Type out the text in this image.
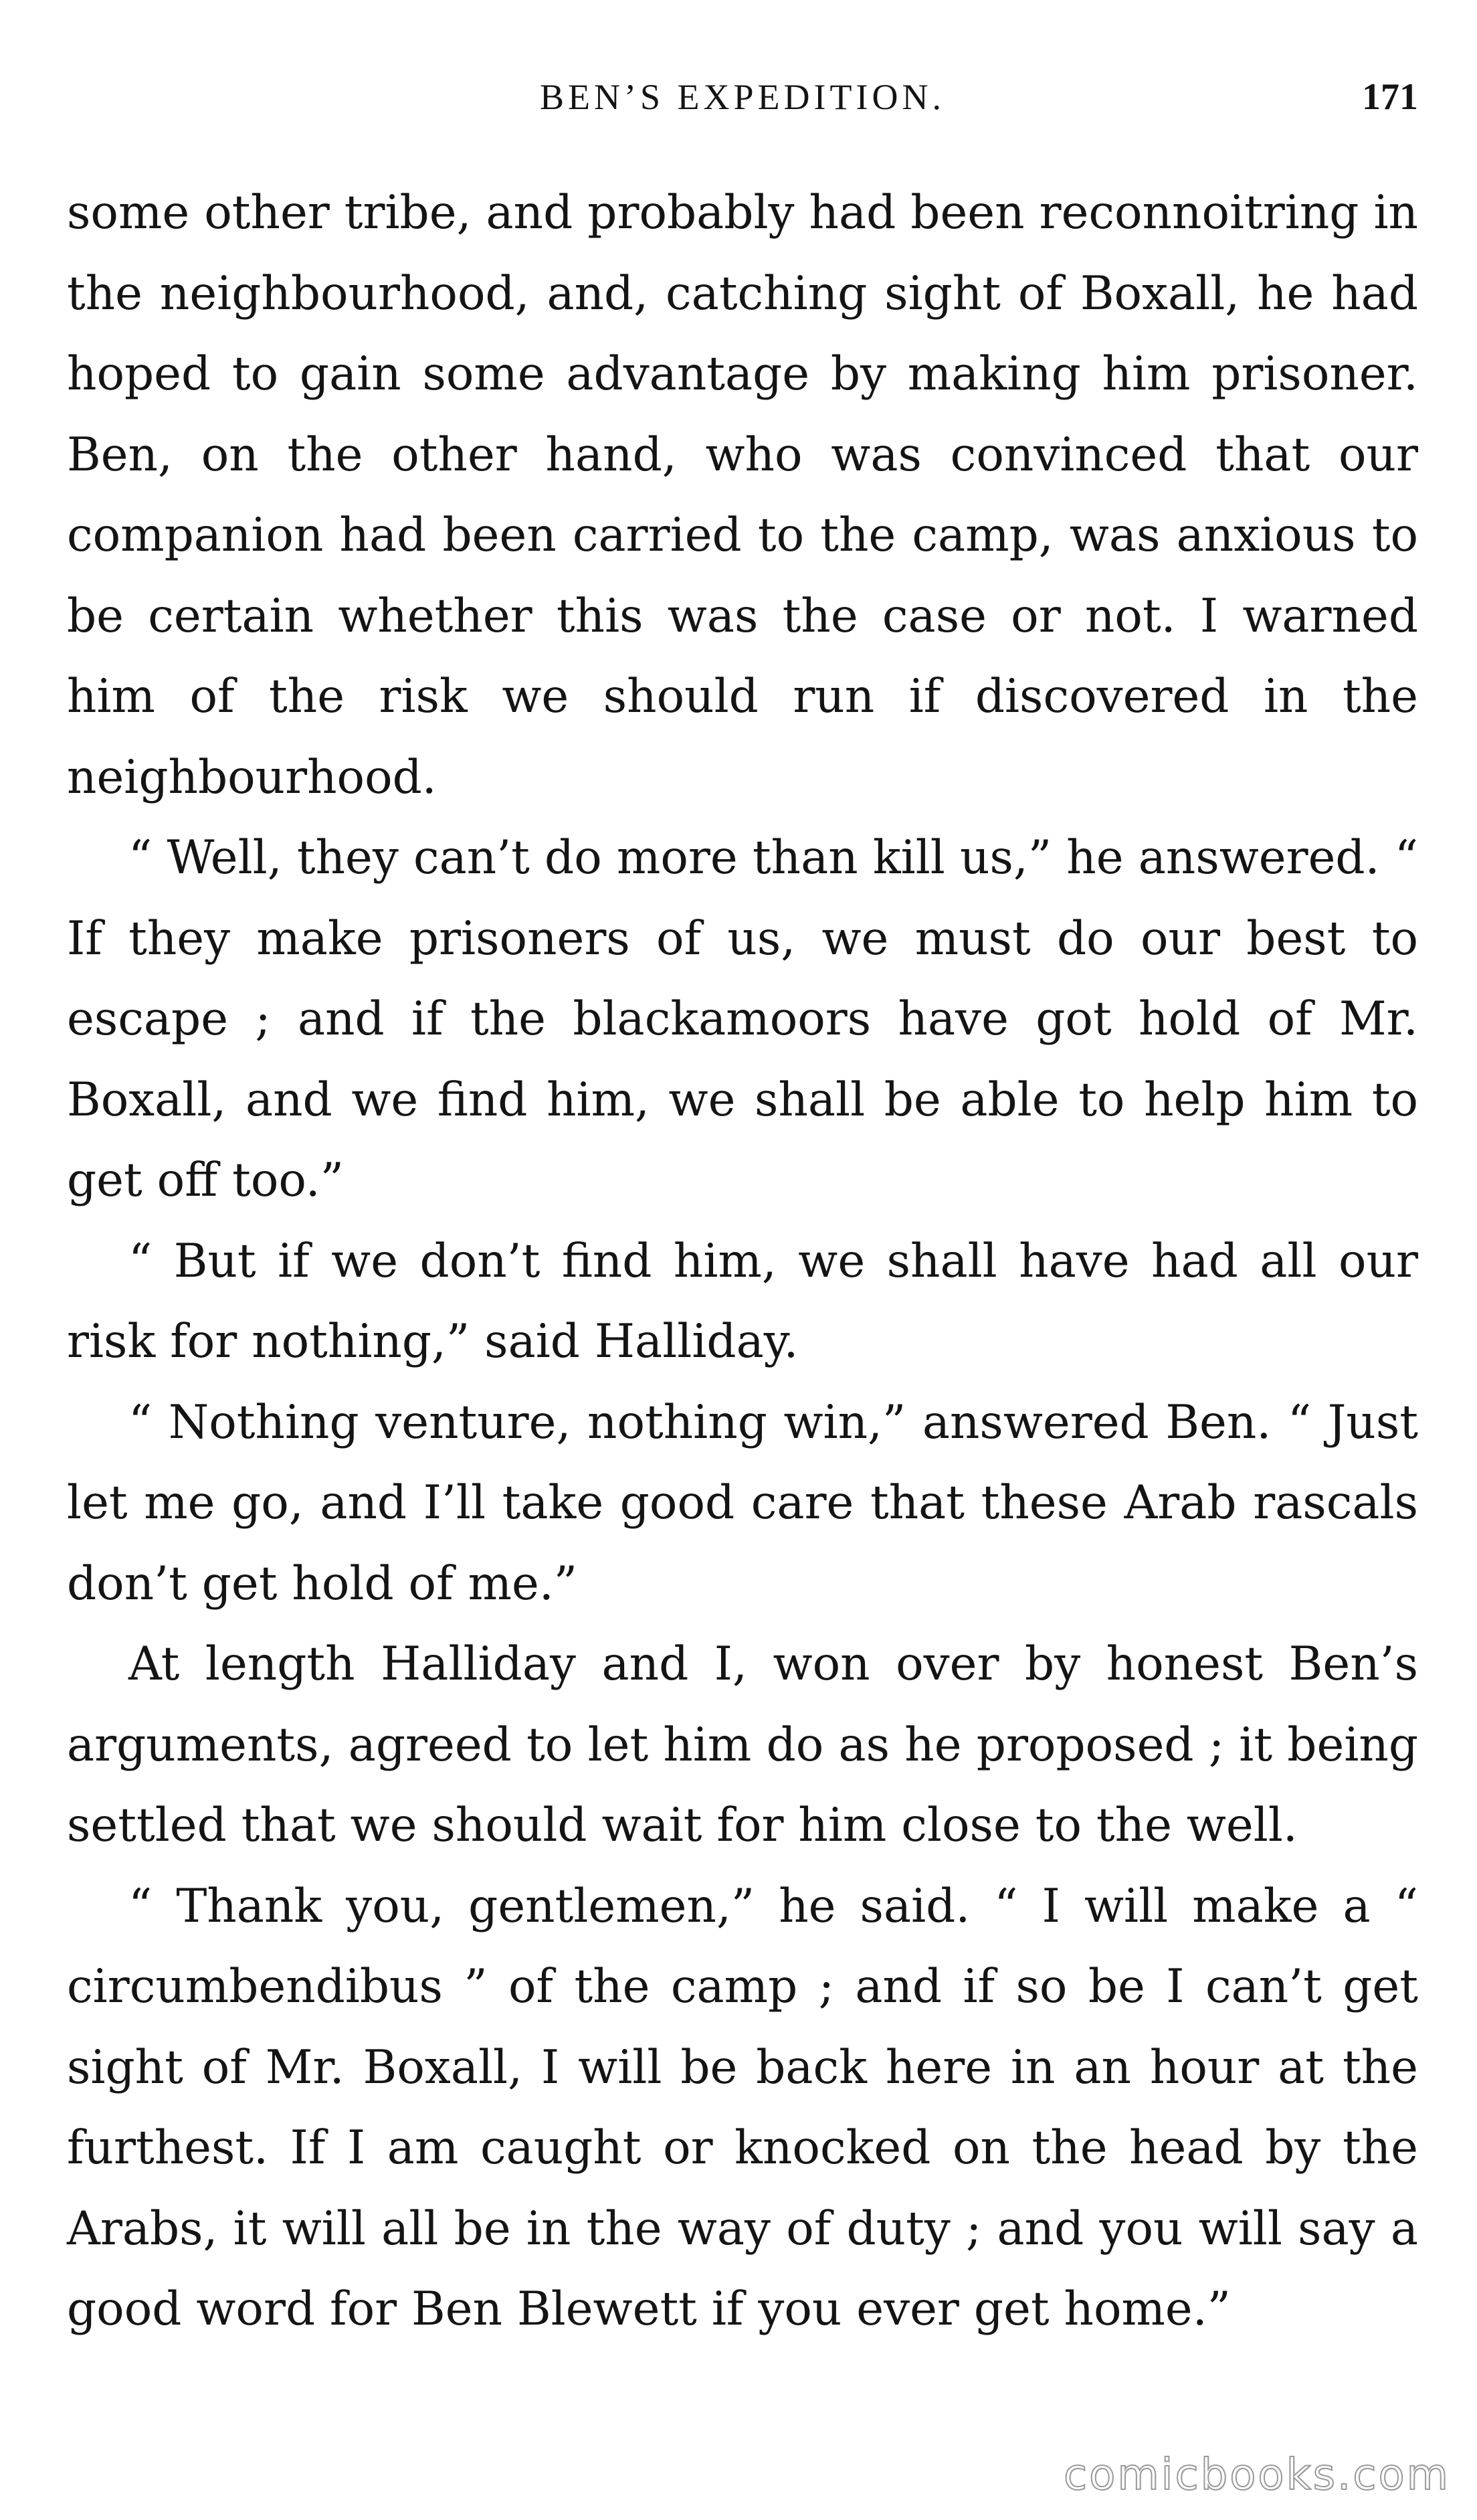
BEN’S EXPEDITION.	171

some other tribe, and probably had been reconnoitring in the neighbourhood, and, catching sight of Boxall, he had hoped to gain some advantage by making him prisoner. Ben, on the other hand, who was convinced that our companion had been carried to the camp, was anxious to be certain whether this was the case or not. I warned him of the risk we should run if discovered in the neighbourhood.

“ Well, they can’t do more than kill us,” he answered. “ If they make prisoners of us, we must do our best to escape ; and if the blackamoors have got hold of Mr. Boxall, and we find him, we shall be able to help him to get off too.”

“ But if we don’t find him, we shall have had all our risk for nothing,” said Halliday.

“ Nothing venture, nothing win,” answered Ben. “ Just let me go, and I’ll take good care that these Arab rascals don’t get hold of me.”

At length Halliday and I, won over by honest Ben’s arguments, agreed to let him do as he proposed ; it being settled that we should wait for him close to the well.

“ Thank you, gentlemen,” he said. “ I will make a “ circumbendibus ” of the camp ; and if so be I can’t get sight of Mr. Boxall, I will be back here in an hour at the furthest. If I am caught or knocked on the head by the Arabs, it will all be in the way of duty ; and you will say a good word for Ben Blewett if you ever get home.”

comicbooks.com
